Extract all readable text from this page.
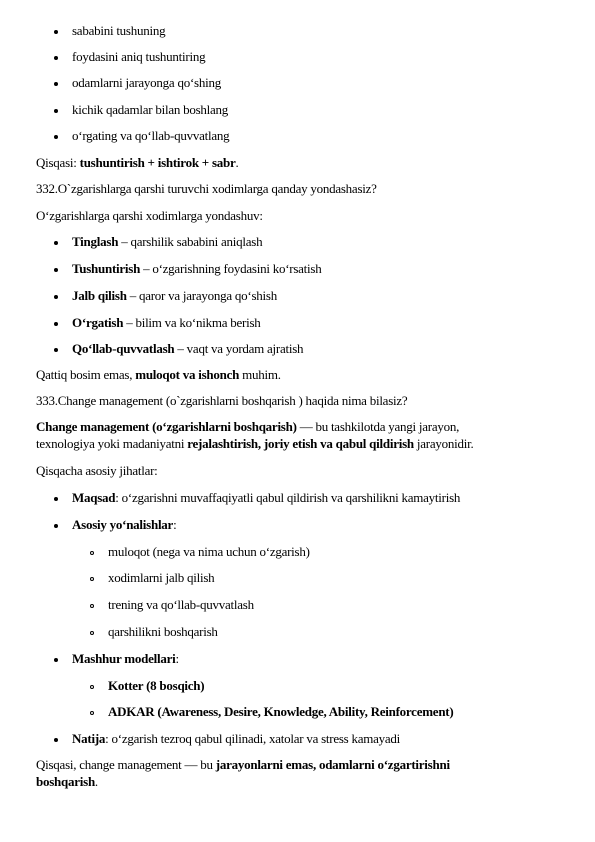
sababini tushuning
foydasini aniq tushuntiring
odamlarni jarayonga qo‘shing
kichik qadamlar bilan boshlang
o‘rgating va qo‘llab-quvvatlang
Qisqasi: tushuntirish + ishtirok + sabr.
332.O`zgarishlarga qarshi turuvchi xodimlarga qanday yondashasiz?
O‘zgarishlarga qarshi xodimlarga yondashuv:
Tinglash – qarshilik sababini aniqlash
Tushuntirish – o‘zgarishning foydasini ko‘rsatish
Jalb qilish – qaror va jarayonga qo‘shish
O‘rgatish – bilim va ko‘nikma berish
Qo‘llab-quvvatlash – vaqt va yordam ajratish
Qattiq bosim emas, muloqot va ishonch muhim.
333.Change management (o`zgarishlarni boshqarish ) haqida nima bilasiz?
Change management (o‘zgarishlarni boshqarish) — bu tashkilotda yangi jarayon,
texnologiya yoki madaniyatni rejalashtirish, joriy etish va qabul qildirish jarayonidir.
Qisqacha asosiy jihatlar:
Maqsad: o‘zgarishni muvaffaqiyatli qabul qildirish va qarshilikni kamaytirish
Asosiy yo‘nalishlar:
muloqot (nega va nima uchun o‘zgarish)
xodimlarni jalb qilish
trening va qo‘llab-quvvatlash
qarshilikni boshqarish
Mashhur modellari:
Kotter (8 bosqich)
ADKAR (Awareness, Desire, Knowledge, Ability, Reinforcement)
Natija: o‘zgarish tezroq qabul qilinadi, xatolar va stress kamayadi
Qisqasi, change management — bu jarayonlarni emas, odamlarni o‘zgartirishni
boshqarish.
